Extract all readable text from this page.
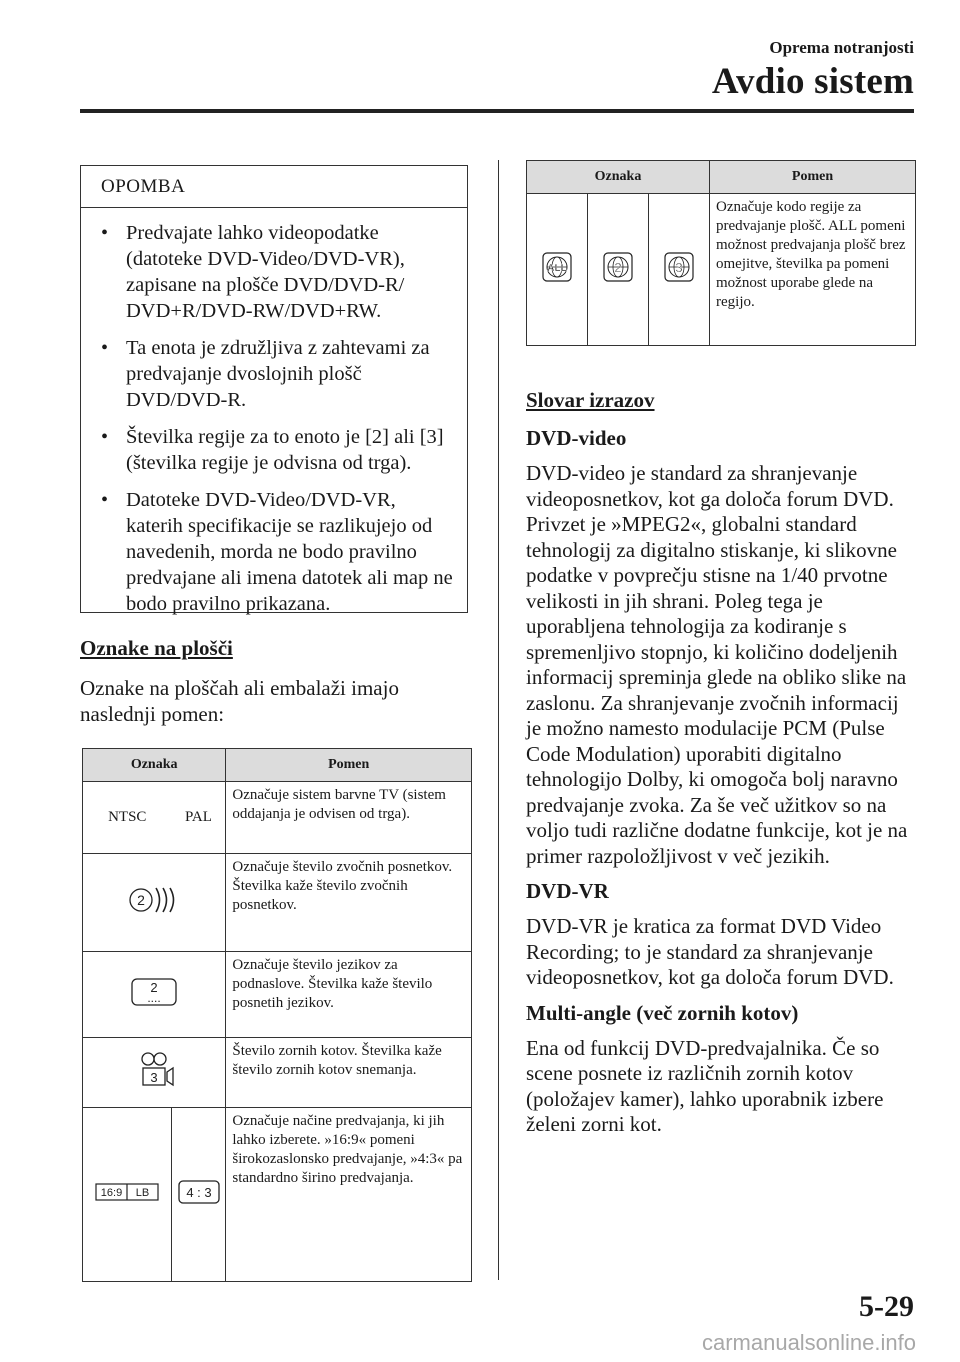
Oprema notranjosti
Avdio sistem
OPOMBA
• Predvajate lahko videopodatke (datoteke DVD-Video/DVD-VR), zapisane na plošče DVD/DVD-R/ DVD+R/DVD-RW/DVD+RW.
• Ta enota je združljiva z zahtevami za predvajanje dvoslojnih plošč DVD/DVD-R.
• Številka regije za to enoto je [2] ali [3] (številka regije je odvisna od trga).
• Datoteke DVD-Video/DVD-VR, katerih specifikacije se razlikujejo od navedenih, morda ne bodo pravilno predvajane ali imena datotek ali map ne bodo pravilno prikazana.
Oznake na plošči
Oznake na ploščah ali embalaži imajo naslednji pomen:
Oznaka		Pomen
NTSC	PAL	Označuje sistem barvne TV (sistem oddajanja je odvisen od trga).

2		Označuje število zvočnih posnetkov. Številka kaže število zvočnih posnetkov.

2
....		Označuje število jezikov za podnaslove. Številka kaže število posnetih jezikov.

3		Število zornih kotov. Številka kaže število zornih kotov snemanja.

16:9 LB	4 : 3	Označuje načine predvajanja, ki jih lahko izberete. »16:9« pomeni širokozaslonsko predvajanje, »4:3« pa standardno širino predvajanja.
Oznaka			Pomen

ALL	2	3	Označuje kodo regije za predvajanje plošč. ALL pomeni možnost predvajanja plošč brez omejitve, številka pa pomeni možnost uporabe glede na regijo.
Slovar izrazov
DVD-video
DVD-video je standard za shranjevanje videoposnetkov, kot ga določa forum DVD. Privzet je »MPEG2«, globalni standard tehnologij za digitalno stiskanje, ki slikovne podatke v povprečju stisne na 1/40 prvotne velikosti in jih shrani. Poleg tega je uporabljena tehnologija za kodiranje s spremenljivo stopnjo, ki količino dodeljenih informacij spreminja glede na obliko slike na zaslonu. Za shranjevanje zvočnih informacij je možno namesto modulacije PCM (Pulse Code Modulation) uporabiti digitalno tehnologijo Dolby, ki omogoča bolj naravno predvajanje zvoka. Za še več užitkov so na voljo tudi različne dodatne funkcije, kot je na primer razpoložljivost v več jezikih.
DVD-VR
DVD-VR je kratica za format DVD Video Recording; to je standard za shranjevanje videoposnetkov, kot ga določa forum DVD.
Multi-angle (več zornih kotov)
Ena od funkcij DVD-predvajalnika. Če so scene posnete iz različnih zornih kotov (položajev kamer), lahko uporabnik izbere želeni zorni kot.
5-29
carmanualsonline.info
